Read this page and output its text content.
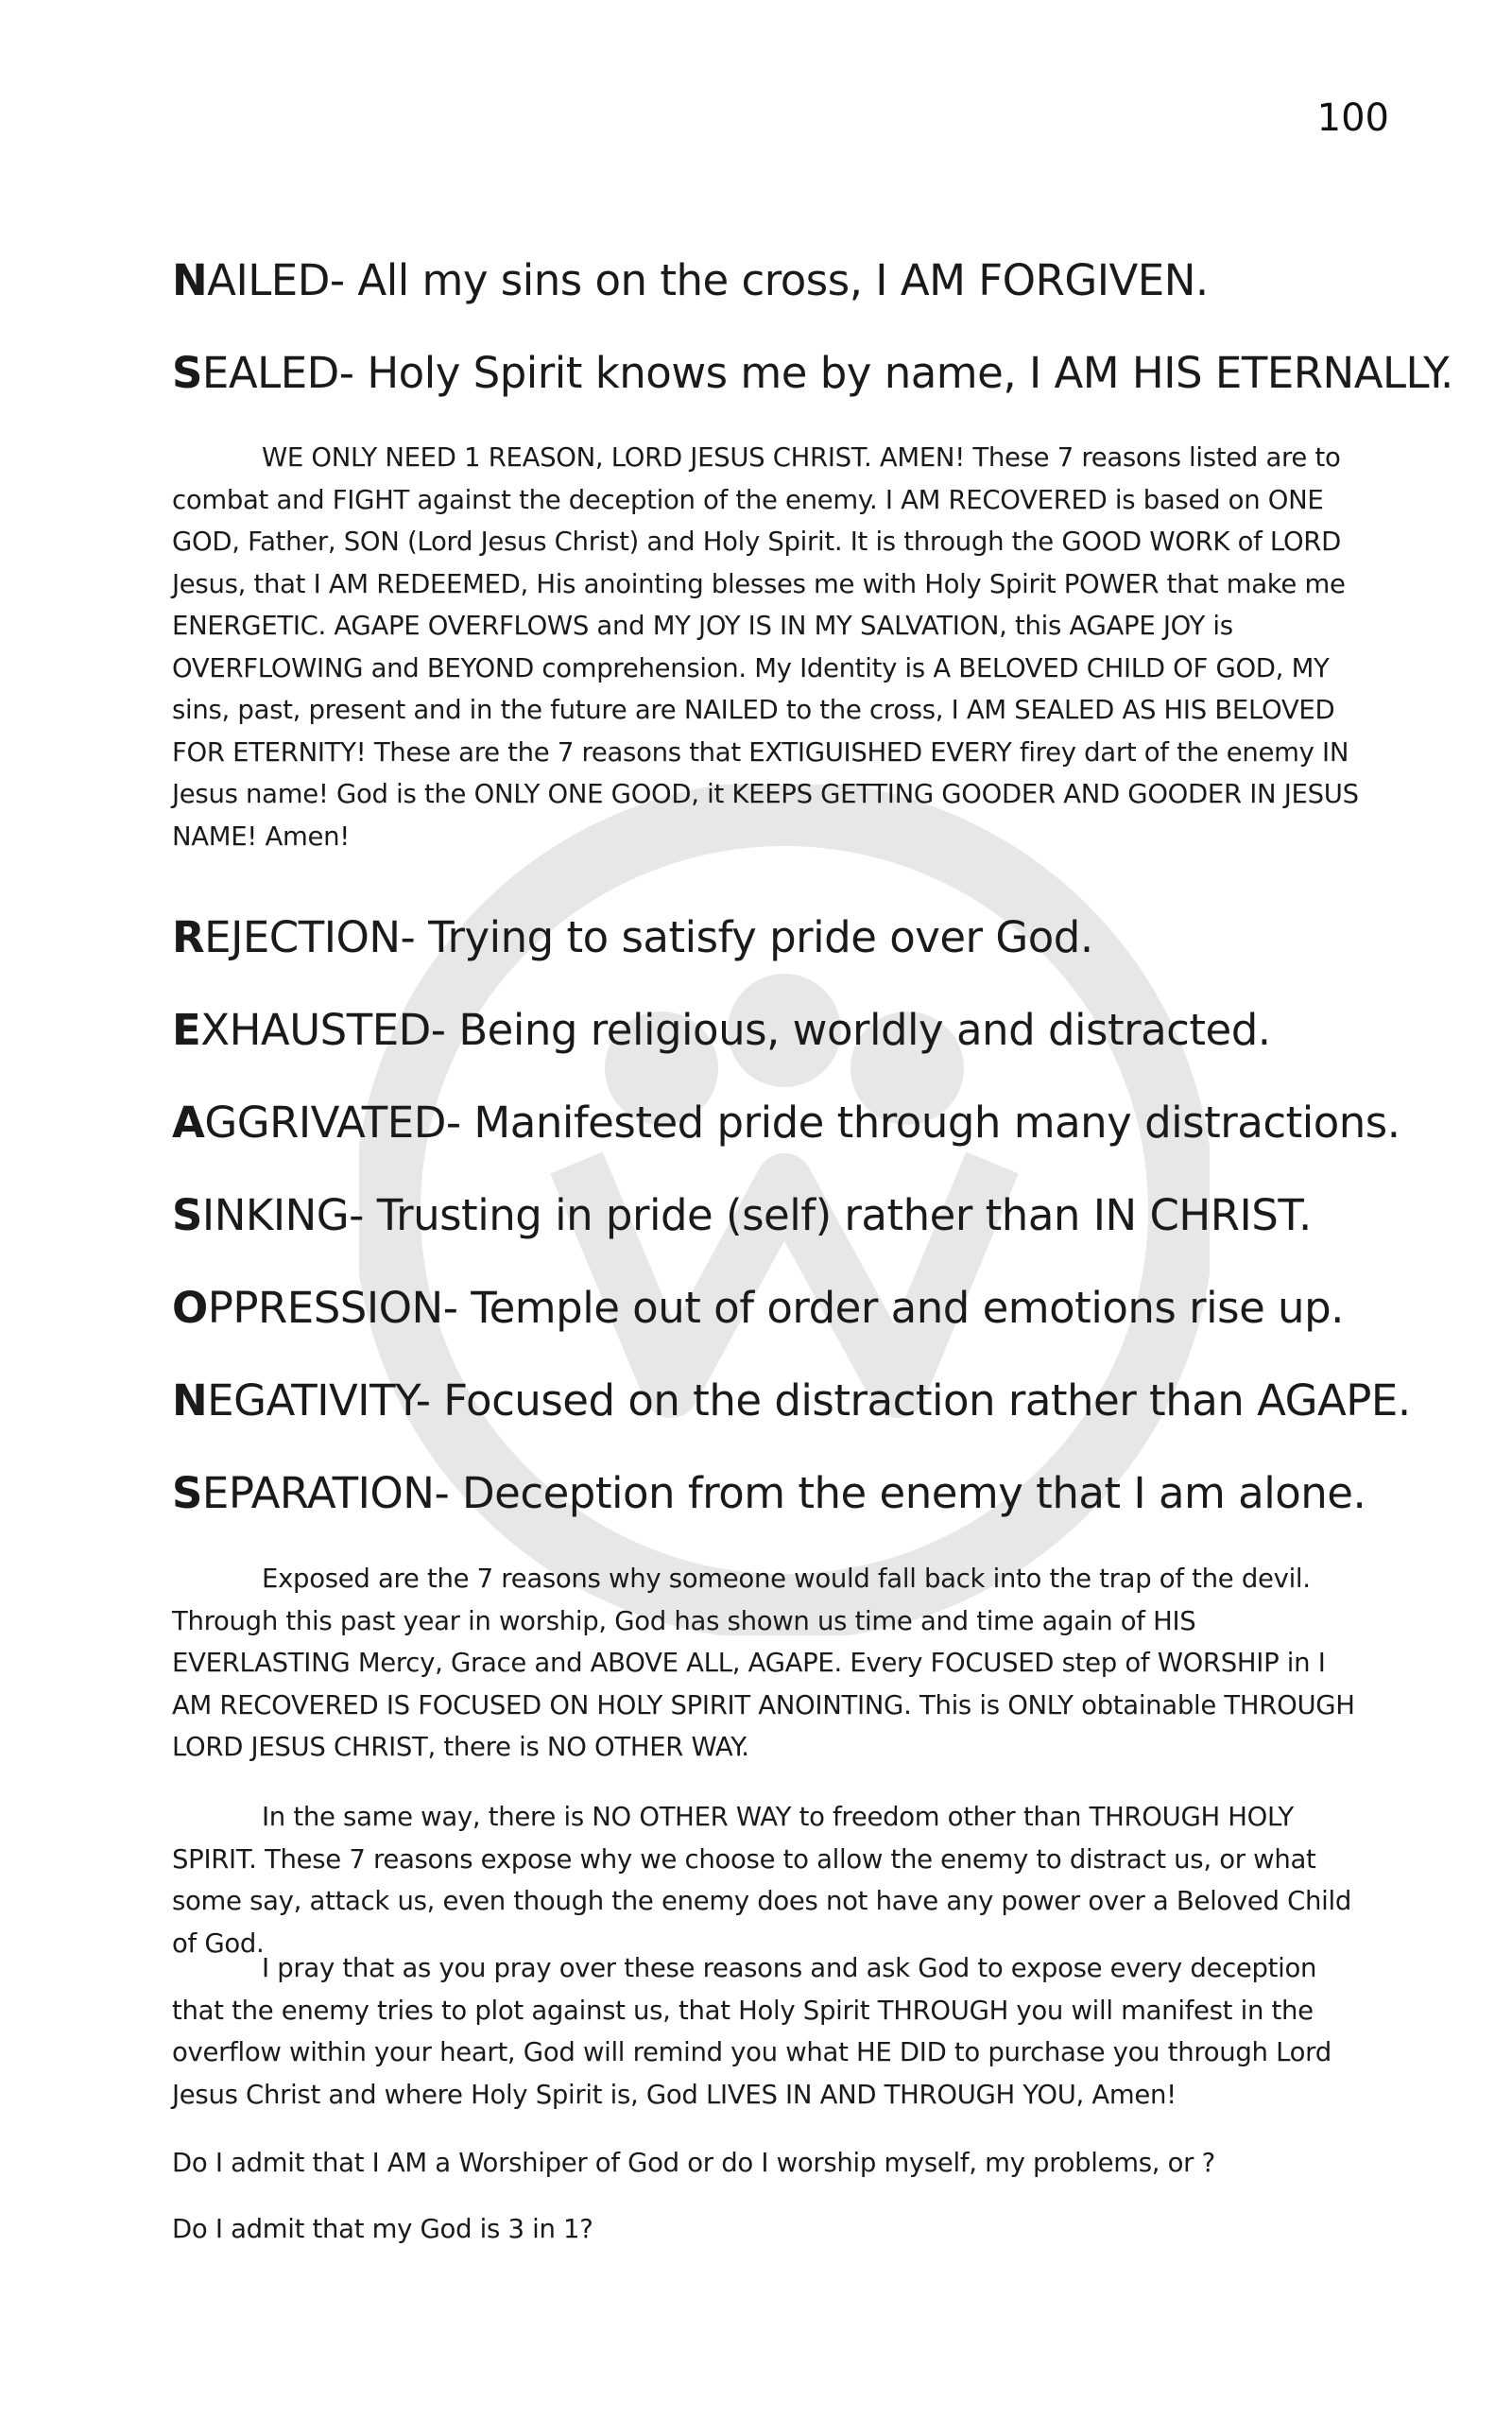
100

NAILED- All my sins on the cross, I AM FORGIVEN.

SEALED- Holy Spirit knows me by name, I AM HIS ETERNALLY.

WE ONLY NEED 1 REASON, LORD JESUS CHRIST. AMEN! These 7 reasons listed are to combat and FIGHT against the deception of the enemy. I AM RECOVERED is based on ONE GOD, Father, SON (Lord Jesus Christ) and Holy Spirit. It is through the GOOD WORK of LORD Jesus, that I AM REDEEMED, His anointing blesses me with Holy Spirit POWER that make me ENERGETIC. AGAPE OVERFLOWS and MY JOY IS IN MY SALVATION, this AGAPE JOY is OVERFLOWING and BEYOND comprehension. My Identity is A BELOVED CHILD OF GOD, MY sins, past, present and in the future are NAILED to the cross, I AM SEALED AS HIS BELOVED FOR ETERNITY! These are the 7 reasons that EXTIGUISHED EVERY firey dart of the enemy IN Jesus name! God is the ONLY ONE GOOD, it KEEPS GETTING GOODER AND GOODER IN JESUS NAME! Amen!

REJECTION- Trying to satisfy pride over God.

EXHAUSTED- Being religious, worldly and distracted.

AGGRIVATED- Manifested pride through many distractions.

SINKING- Trusting in pride (self) rather than IN CHRIST.

OPPRESSION- Temple out of order and emotions rise up.

NEGATIVITY- Focused on the distraction rather than AGAPE.

SEPARATION- Deception from the enemy that I am alone.

Exposed are the 7 reasons why someone would fall back into the trap of the devil. Through this past year in worship, God has shown us time and time again of HIS EVERLASTING Mercy, Grace and ABOVE ALL, AGAPE. Every FOCUSED step of WORSHIP in I AM RECOVERED IS FOCUSED ON HOLY SPIRIT ANOINTING. This is ONLY obtainable THROUGH LORD JESUS CHRIST, there is NO OTHER WAY.

In the same way, there is NO OTHER WAY to freedom other than THROUGH HOLY SPIRIT. These 7 reasons expose why we choose to allow the enemy to distract us, or what some say, attack us, even though the enemy does not have any power over a Beloved Child of God.

I pray that as you pray over these reasons and ask God to expose every deception that the enemy tries to plot against us, that Holy Spirit THROUGH you will manifest in the overflow within your heart, God will remind you what HE DID to purchase you through Lord Jesus Christ and where Holy Spirit is, God LIVES IN AND THROUGH YOU, Amen!

Do I admit that I AM a Worshiper of God or do I worship myself, my problems, or ?

Do I admit that my God is 3 in 1?
